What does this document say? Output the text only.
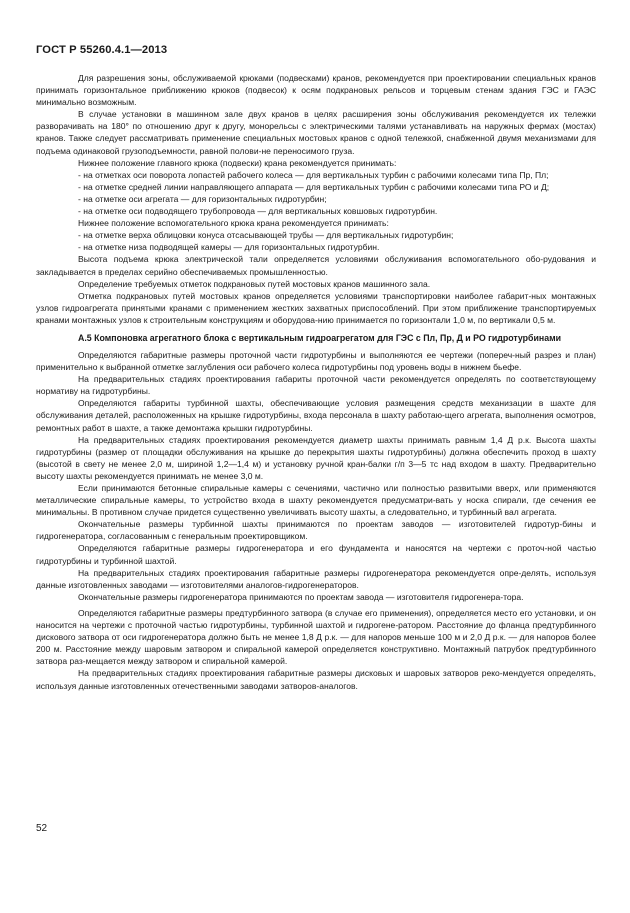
ГОСТ Р 55260.4.1—2013

Для разрешения зоны, обслуживаемой крюками (подвесками) кранов, рекомендуется при проектировании специальных кранов принимать горизонтальное приближению крюков (подвесок) к осям подкрановых рельсов и торцевым стенам здания ГЭС и ГАЭС минимально возможным.

В случае установки в машинном зале двух кранов в целях расширения зоны обслуживания рекомендуется их тележки разворачивать на 180° по отношению друг к другу, монорельсы с электрическими талями устанавливать на наружных фермах (мостах) кранов. Также следует рассматривать применение специальных мостовых кранов с одной тележкой, снабженной двумя механизмами для подъема одинаковой грузоподъемности, равной полови-не переносимого груза.

Нижнее положение главного крюка (подвески) крана рекомендуется принимать:

- на отметках оси поворота лопастей рабочего колеса — для вертикальных турбин с рабочими колесами типа Пр, Пл;

- на отметке средней линии направляющего аппарата — для вертикальных турбин с рабочими колесами типа РО и Д;

- на отметке оси агрегата — для горизонтальных гидротурбин;

- на отметке оси подводящего трубопровода — для вертикальных ковшовых гидротурбин.

Нижнее положение вспомогательного крюка крана рекомендуется принимать:

- на отметке верха облицовки конуса отсасывающей трубы — для вертикальных гидротурбин;

- на отметке низа подводящей камеры — для горизонтальных гидротурбин.

Высота подъема крюка электрической тали определяется условиями обслуживания вспомогательного обо-рудования и закладывается в пределах серийно обеспечиваемых промышленностью.

Определение требуемых отметок подкрановых путей мостовых кранов машинного зала.

Отметка подкрановых путей мостовых кранов определяется условиями транспортировки наиболее габарит-ных монтажных узлов гидроагрегата принятыми кранами с применением жестких захватных приспособлений. При этом приближение транспортируемых кранами монтажных узлов к строительным конструкциям и оборудова-нию принимается по горизонтали 1,0 м, по вертикали 0,5 м.

А.5 Компоновка агрегатного блока с вертикальным гидроагрегатом для ГЭС с Пл, Пр, Д и РО гидротурбинами

Определяются габаритные размеры проточной части гидротурбины и выполняются ее чертежи (попереч-ный разрез и план) применительно к выбранной отметке заглубления оси рабочего колеса гидротурбины под уровень воды в нижнем бьефе.

На предварительных стадиях проектирования габариты проточной части рекомендуется определять по соответствующему нормативу на гидротурбины.

Определяются габариты турбинной шахты, обеспечивающие условия размещения средств механизации в шахте для обслуживания деталей, расположенных на крышке гидротурбины, входа персонала в шахту работаю-щего агрегата, выполнения осмотров, ремонтных работ в шахте, а также демонтажа крышки гидротурбины.

На предварительных стадиях проектирования рекомендуется диаметр шахты принимать равным 1,4 Д р.к. Высота шахты гидротурбины (размер от площадки обслуживания на крышке до перекрытия шахты гидротурбины) должна обеспечить проход в шахту (высотой в свету не менее 2,0 м, шириной 1,2—1,4 м) и установку ручной кран-балки г/п 3—5 тс над входом в шахту. Предварительно высоту шахты рекомендуется принимать не менее 3,0 м.

Если принимаются бетонные спиральные камеры с сечениями, частично или полностью развитыми вверх, или применяются металлические спиральные камеры, то устройство входа в шахту рекомендуется предусматри-вать у носка спирали, где сечения ее минимальны. В противном случае придется существенно увеличивать высоту шахты, а следовательно, и турбинный вал агрегата.

Окончательные размеры турбинной шахты принимаются по проектам заводов — изготовителей гидротур-бины и гидрогенератора, согласованным с генеральным проектировщиком.

Определяются габаритные размеры гидрогенератора и его фундамента и наносятся на чертежи с проточ-ной частью гидротурбины и турбинной шахтой.

На предварительных стадиях проектирования габаритные размеры гидрогенератора рекомендуется опре-делять, используя данные изготовленных заводами — изготовителями аналогов-гидрогенераторов.

Окончательные размеры гидрогенератора принимаются по проектам завода — изготовителя гидрогенера-тора.

Определяются габаритные размеры предтурбинного затвора (в случае его применения), определяется место его установки, и он наносится на чертежи с проточной частью гидротурбины, турбинной шахтой и гидрогене-ратором. Расстояние до фланца предтурбинного дискового затвора от оси гидрогенератора должно быть не менее 1,8 Д р.к. — для напоров меньше 100 м и 2,0 Д р.к. — для напоров более 200 м. Расстояние между шаровым затвором и спиральной камерой определяется конструктивно. Монтажный патрубок предтурбинного затвора раз-мещается между затвором и спиральной камерой.

На предварительных стадиях проектирования габаритные размеры дисковых и шаровых затворов реко-мендуется определять, используя данные изготовленных отечественными заводами затворов-аналогов.

52
